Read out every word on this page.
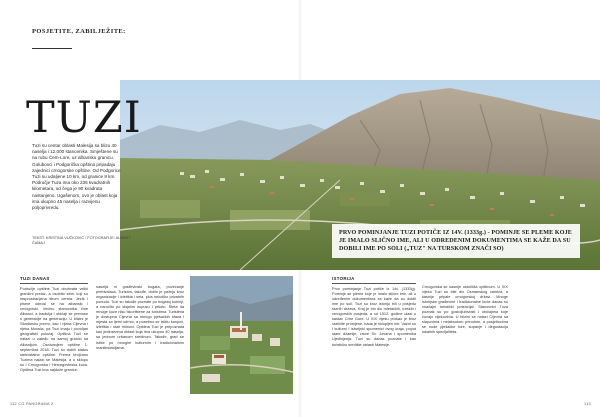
POSJETITE, ZABILJEŽITE:
TUZI
Tuzi su centar oblasti Malesija sa blizu 40 naselja i 12.000 stanovnika. Smještene su na rubu Ćem-Lore, uz albansku granicu. Golubovci i Podgorička opština pripadaju zajednici crnogorske opštine. Od Podgorice Tuzi su udaljene 10 km, od granice 8 km. Područje Tuza ima oko 236 kvadratnih kilometara, od čega je 90 kvadrata nastanjeno. Ugašenom, ovo je oblast koja ima ukupno 45 naselja i razvijenu poljoprivredu.
TEKST: KRISTINA VUČKOVIĆ / FOTOGRAFIJE: ALBERT ČAMAJ
PRVO POMINJANJE TUZI POTIČE IZ 14V. (1333g.) - POMINJE SE PLEME KOJE JE IMALO SLIČNO IME, ALI U ODREDENIM DOKUMENTIMA SE KAŽE DA SU DOBILI IME PO SOLI („TUZ" NA TURSKOM ZNAČI SO)
TUZI DANAS
Područje opštine Tuzi obuhvata veliki granični prelaz, a osobito sela, koji su rasprostranjena širom centra. Jezik i pisme odnosi se na albanski i crnogorski. Većinu stanovnika čine Albanci, a tradicija i običaji se prenose s generacije na generaciju. U blizini je Skadarsko jezero, kao i rijeka Cijevna i rijeka Morača, pa Tuzi imaju i povoljan geografski položaj. Opština Tuzi se nalazi u zaleđu na samoj granici sa Albanijom. Osnivanjem opštine 1. septembra 2018. Tuzi su dobili status samostalne opštine. Prema brojčanu Tuzima nalazi se Malesija, a u sklopu su i Crnogorska i Hercegovinska kuća. Opština Tuzi ima najduže granice.
naselja ni građevinski bogata, povećanje prebivalaca. Turizam, takođe, dobio je pažnju kroz organizacije i izletišta i sela, plus nekoliko privatnih ponuda. Tuzi su takođe poznate po bogatoj kuhinji, a naročito po kisjelim kupusu i pršutu. Šteta da mnoge kuće nisu iskorištene za turistima. Turistima je dostupna Cijevna sa mnogo pješačkih staza i mjesta za ljetni odmor, a posebno se ističu kanjoni, izletišta i stari mlinovi. Opština Tuzi je prepoznata kao jedinstvena oblast koja ima ukupno 40 naselja, sa jednom urbanom sredinom. Takođe, grad se ističe po mnogim kulturnim i tradicionalnim manifestacijama.
ISTORIJA
Prvo pominjanje Tuzi potiče iz 14v. (1333g). Pominje se pleme koje je imalo slično ime, ali u određenim dokumentima se kaže da su dobili ime po soli. Tuzi su kroz istoriju bili u posjedu raznih država. Kraj je bio dio mletačkih, turskih i crnogorskih posjeda, a od 1912. godine ulazi u sastav Crne Gore. U XIX vijeku prošao je kroz različite promjene, kada je sklopljen mir. Važni su i kulturni i istorijski spomenici ovog kraja, poput stare džamije, crkve Sv. Jovana i spomenika Ujedinjenja. Tuzi su danas poznate i kao turističko središte oblasti Malesije.
Crnogorska se kasnije ustoličila opštinom. U XIX vijeku Tuzi su bile dio Osmanskog carstva, a kasnije pripale crnogorskoj državi. Mnoge istorijske građevine i tradicionalne kuće danas su značajni turistički potencijal. Stanovnici Tuza poznati su po gostoljubivosti i običajima koje čuvaju vijekovima. U blizini se nalazi Cijevna sa slapovima i netaknutom prirodom, a posjetiocima se nude pješačke ture, kupanje i degustacija lokalnih specijaliteta.
112 CG PANORAMA 2	113
